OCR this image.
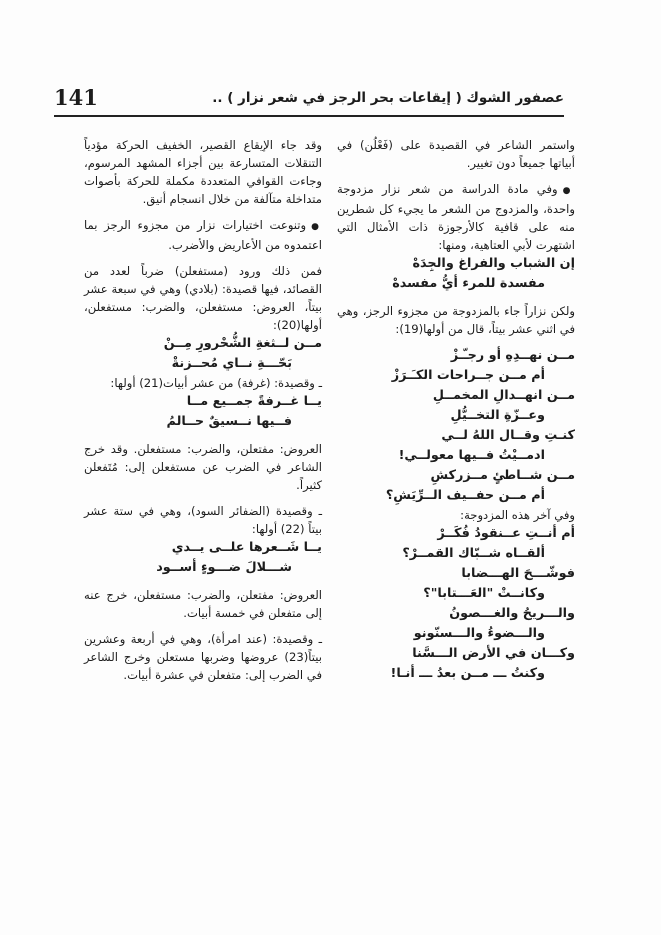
141	عصفور الشوك ( إيقاعات بحر الرجز في شعر نزار ) ..

واستمر الشاعر في القصيدة على (فَعْلُن) في أبياتها جميعاً دون تغيير.

● وفي مادة الدراسة من شعر نزار مزدوجة واحدة، والمزدوج من الشعر ما يجيء كل شطرين منه على قافية كالأرجوزة ذات الأمثال التي اشتهرت لأبي العتاهية، ومنها:

إن الشباب والفراغ والجِدَهْ

مفسدة للمرء أيُّ مفسدهْ

ولكن نزاراً جاء بالمزدوجة من مجزوء الرجز، وهي في اثني عشر بيتاً، قال من أولها(19):

مــن نهــدِهِ أو رجـّـزْ

أم مــن جــراحات الكـَـرَزْ

مــن انهــدالِ المخمــلِ

وعــزّةِ التخــيُّلِ

كنـتِ وقــال اللهُ لــي

ادمــيْتُ فــيها معولــي!

مــن شــاطئٍ مــزركشِ

أم مــن حفــيف الــرِّيَشِ؟

وفي آخر هذه المزدوجة:

أم أنــتِ عــنقودُ فُكَــرْ

ألقــاه شــبّاك القمــرْ؟

فوشّـــحَ الهـــضابا

وكانــتْ "العَـــتابا"؟

والـــريحُ والغـــصونُ

والـــضوءُ والـــسنّونو

وكـــان في الأرض الـــسَّنا

وكنتُ ـــ مــن بعدُ ـــ أنـا!

وقد جاء الإيقاع القصير، الخفيف الحركة مؤدياً التنقلات المتسارعة بين أجزاء المشهد المرسوم، وجاءت القوافي المتعددة مكملة للحركة بأصوات متداخلة متآلفة من خلال انسجام أنيق.

● وتنوعت اختيارات نزار من مجزوء الرجز بما اعتمدوه من الأعاريض والأضرب.

فمن ذلك ورود (مستفعلن) ضرباً لعدد من القصائد، فيها قصيدة: (بلادي) وهي في سبعة عشر بيتاً، العروض: مستفعلن، والضرب: مستفعلن، أولها(20):

مــن لــثغةِ الشُّحْرورِ مِــنْ

بَحّـــةِ نــاي مُحــزنةْ

ـ وقصيدة: (غرفة) من عشر أبيات(21) أولها:

يــا غــرفةً جمــيع مــا

فــيها نــسيقٌ حــالمُ

العروض: مفتعلن، والضرب: مستفعلن. وقد خرج الشاعر في الضرب عن مستفعلن إلى: مُتَفعلن كثيراً.

ـ وقصيدة (الضفائر السود)، وهي في ستة عشر بيتاً (22) أولها:

يــا شَــعرها علــى يــدي

شـــلالَ ضـــوءٍ أســود

العروض: مفتعلن، والضرب: مستفعلن، خرج عنه إلى متفعلن في خمسة أبيات.

ـ وقصيدة: (عند امرأة)، وهي في أربعة وعشرين بيتاً(23) عروضها وضربها مستعلن وخرج الشاعر في الضرب إلى: متفعلن في عشرة أبيات.
